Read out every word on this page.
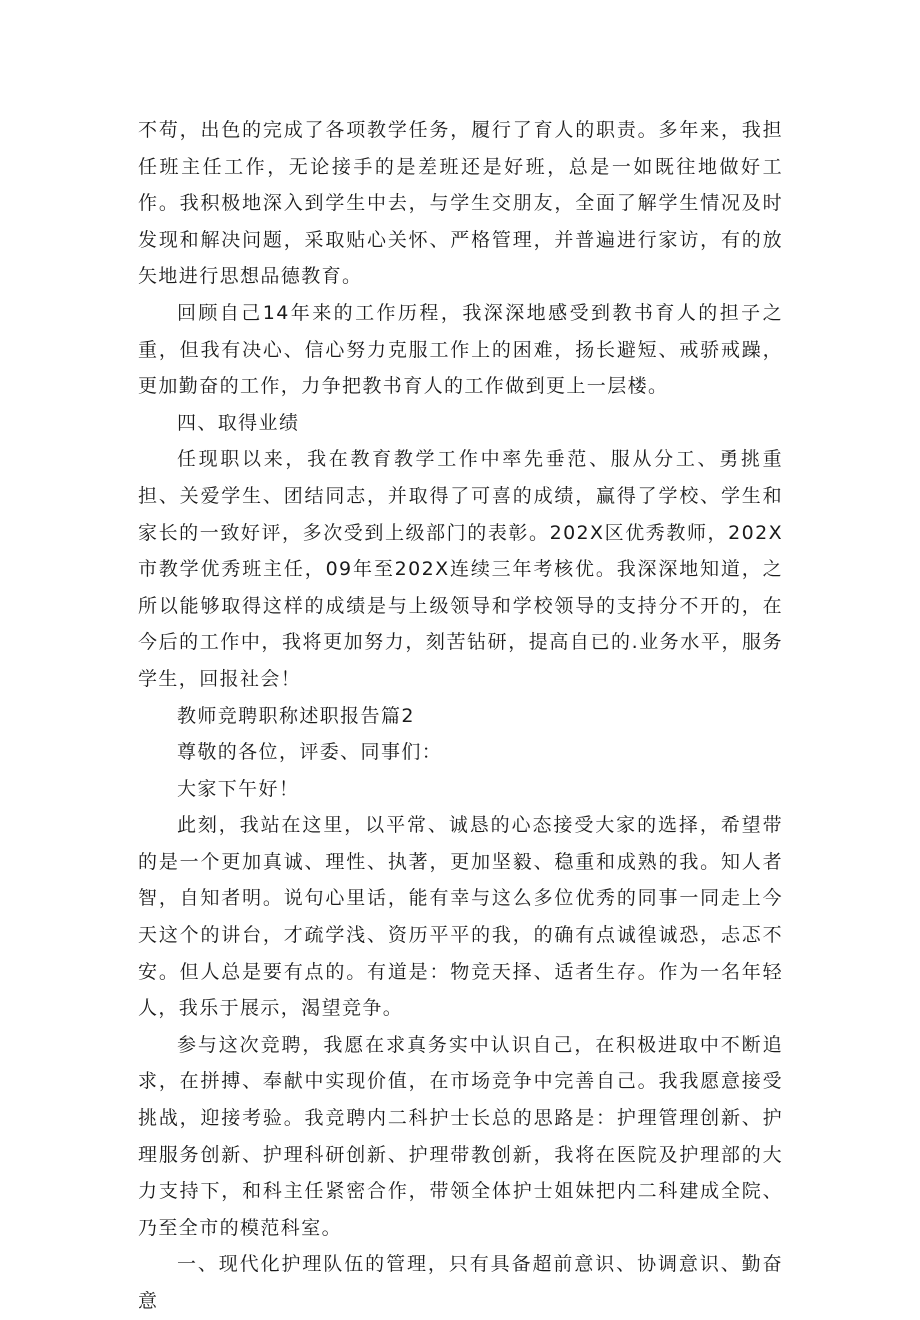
不苟，出色的完成了各项教学任务，履行了育人的职责。多年来，我担任班主任工作，无论接手的是差班还是好班，总是一如既往地做好工作。我积极地深入到学生中去，与学生交朋友，全面了解学生情况及时发现和解决问题，采取贴心关怀、严格管理，并普遍进行家访，有的放矢地进行思想品德教育。

回顾自己14年来的工作历程，我深深地感受到教书育人的担子之重，但我有决心、信心努力克服工作上的困难，扬长避短、戒骄戒躁，更加勤奋的工作，力争把教书育人的工作做到更上一层楼。

四、取得业绩

任现职以来，我在教育教学工作中率先垂范、服从分工、勇挑重担、关爱学生、团结同志，并取得了可喜的成绩，赢得了学校、学生和家长的一致好评，多次受到上级部门的表彰。202X区优秀教师，202X市教学优秀班主任，09年至202X连续三年考核优。我深深地知道，之所以能够取得这样的成绩是与上级领导和学校领导的支持分不开的，在今后的工作中，我将更加努力，刻苦钻研，提高自已的.业务水平，服务学生，回报社会！

教师竞聘职称述职报告篇2

尊敬的各位，评委、同事们：

大家下午好！

此刻，我站在这里，以平常、诚恳的心态接受大家的选择，希望带的是一个更加真诚、理性、执著，更加坚毅、稳重和成熟的我。知人者智，自知者明。说句心里话，能有幸与这么多位优秀的同事一同走上今天这个的讲台，才疏学浅、资历平平的我，的确有点诚徨诚恐，忐忑不安。但人总是要有点的。有道是：物竞天择、适者生存。作为一名年轻人，我乐于展示，渴望竞争。

参与这次竞聘，我愿在求真务实中认识自己，在积极进取中不断追求，在拼搏、奉献中实现价值，在市场竞争中完善自己。我我愿意接受挑战，迎接考验。我竞聘内二科护士长总的思路是：护理管理创新、护理服务创新、护理科研创新、护理带教创新，我将在医院及护理部的大力支持下，和科主任紧密合作，带领全体护士姐妹把内二科建成全院、乃至全市的模范科室。

一、现代化护理队伍的管理，只有具备超前意识、协调意识、勤奋意
